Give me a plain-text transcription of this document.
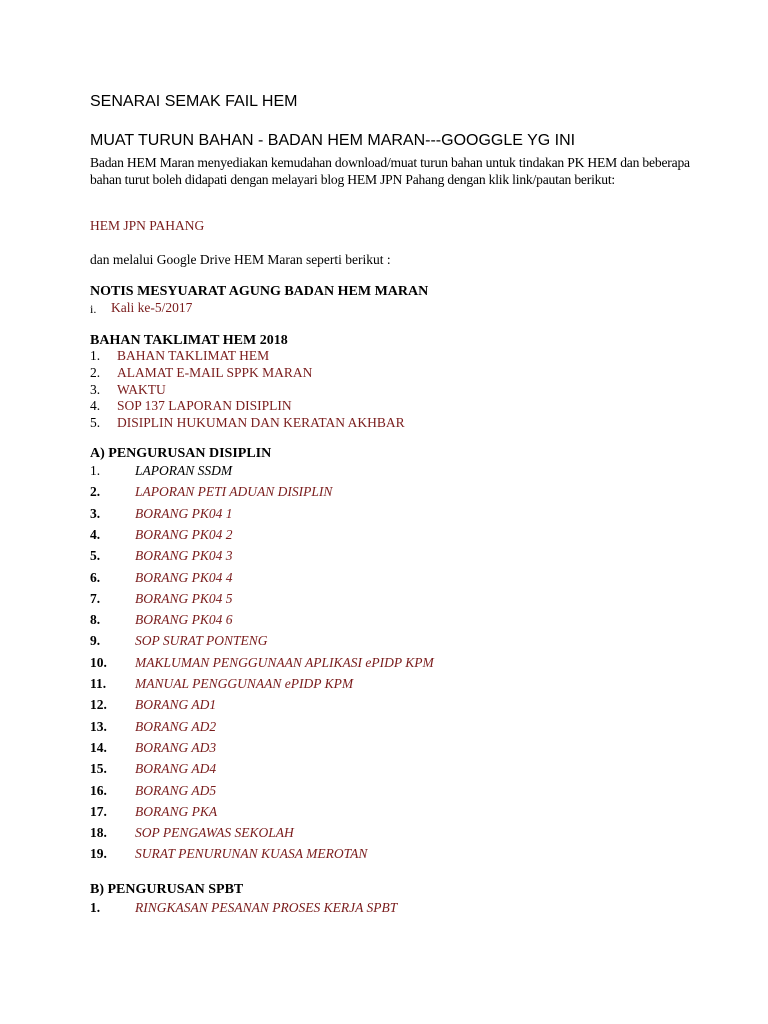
SENARAI SEMAK FAIL HEM
MUAT TURUN BAHAN - BADAN HEM MARAN---GOOGGLE YG INI
Badan HEM Maran menyediakan kemudahan download/muat turun bahan untuk tindakan PK HEM dan beberapa bahan turut boleh didapati dengan melayari blog HEM JPN Pahang dengan klik link/pautan berikut:
HEM JPN PAHANG
dan melalui Google Drive HEM Maran seperti berikut :
NOTIS MESYUARAT AGUNG BADAN HEM MARAN
i. Kali ke-5/2017
BAHAN TAKLIMAT HEM 2018
1. BAHAN TAKLIMAT HEM
2. ALAMAT E-MAIL SPPK MARAN
3. WAKTU
4. SOP 137 LAPORAN DISIPLIN
5. DISIPLIN HUKUMAN DAN KERATAN AKHBAR
A) PENGURUSAN DISIPLIN
1.	LAPORAN SSDM
2.	LAPORAN PETI ADUAN DISIPLIN
3.	BORANG PK04 1
4.	BORANG PK04 2
5.	BORANG PK04 3
6.	BORANG PK04 4
7.	BORANG PK04 5
8.	BORANG PK04 6
9.	SOP SURAT PONTENG
10. MAKLUMAN PENGGUNAAN APLIKASI ePIDP KPM
11. MANUAL PENGGUNAAN ePIDP KPM
12. BORANG AD1
13. BORANG AD2
14. BORANG AD3
15. BORANG AD4
16. BORANG AD5
17. BORANG PKA
18. SOP PENGAWAS SEKOLAH
19. SURAT PENURUNAN KUASA MEROTAN
B) PENGURUSAN SPBT
1.	RINGKASAN PESANAN PROSES KERJA SPBT
